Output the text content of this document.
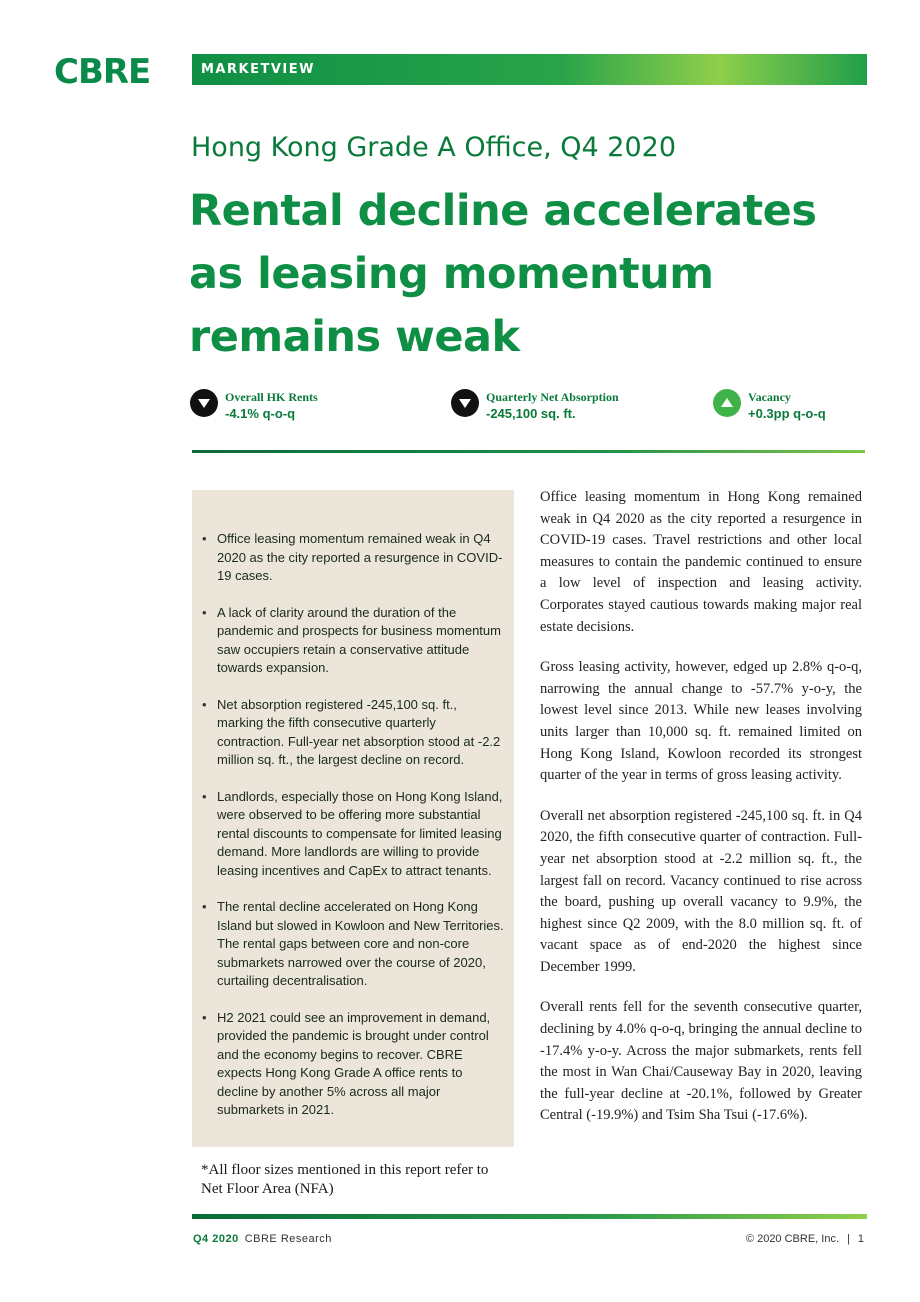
CBRE	MARKETVIEW
Hong Kong Grade A Office, Q4 2020
Rental decline accelerates as leasing momentum remains weak
Overall HK Rents
-4.1% q-o-q
Quarterly Net Absorption
-245,100 sq. ft.
Vacancy
+0.3pp q-o-q
• Office leasing momentum remained weak in Q4 2020 as the city reported a resurgence in COVID-19 cases.
• A lack of clarity around the duration of the pandemic and prospects for business momentum saw occupiers retain a conservative attitude towards expansion.
• Net absorption registered -245,100 sq. ft., marking the fifth consecutive quarterly contraction. Full-year net absorption stood at -2.2 million sq. ft., the largest decline on record.
• Landlords, especially those on Hong Kong Island, were observed to be offering more substantial rental discounts to compensate for limited leasing demand. More landlords are willing to provide leasing incentives and CapEx to attract tenants.
• The rental decline accelerated on Hong Kong Island but slowed in Kowloon and New Territories. The rental gaps between core and non-core submarkets narrowed over the course of 2020, curtailing decentralisation.
• H2 2021 could see an improvement in demand, provided the pandemic is brought under control and the economy begins to recover. CBRE expects Hong Kong Grade A office rents to decline by another 5% across all major submarkets in 2021.
*All floor sizes mentioned in this report refer to Net Floor Area (NFA)

Office leasing momentum in Hong Kong remained weak in Q4 2020 as the city reported a resurgence in COVID-19 cases. Travel restrictions and other local measures to contain the pandemic continued to ensure a low level of inspection and leasing activity. Corporates stayed cautious towards making major real estate decisions.

Gross leasing activity, however, edged up 2.8% q-o-q, narrowing the annual change to -57.7% y-o-y, the lowest level since 2013. While new leases involving units larger than 10,000 sq. ft. remained limited on Hong Kong Island, Kowloon recorded its strongest quarter of the year in terms of gross leasing activity.

Overall net absorption registered -245,100 sq. ft. in Q4 2020, the fifth consecutive quarter of contraction. Full-year net absorption stood at -2.2 million sq. ft., the largest fall on record. Vacancy continued to rise across the board, pushing up overall vacancy to 9.9%, the highest since Q2 2009, with the 8.0 million sq. ft. of vacant space as of end-2020 the highest since December 1999.

Overall rents fell for the seventh consecutive quarter, declining by 4.0% q-o-q, bringing the annual decline to -17.4% y-o-y. Across the major submarkets, rents fell the most in Wan Chai/Causeway Bay in 2020, leaving the full-year decline at -20.1%, followed by Greater Central (-19.9%) and Tsim Sha Tsui (-17.6%).

Q4 2020 CBRE Research	© 2020 CBRE, Inc. | 1
